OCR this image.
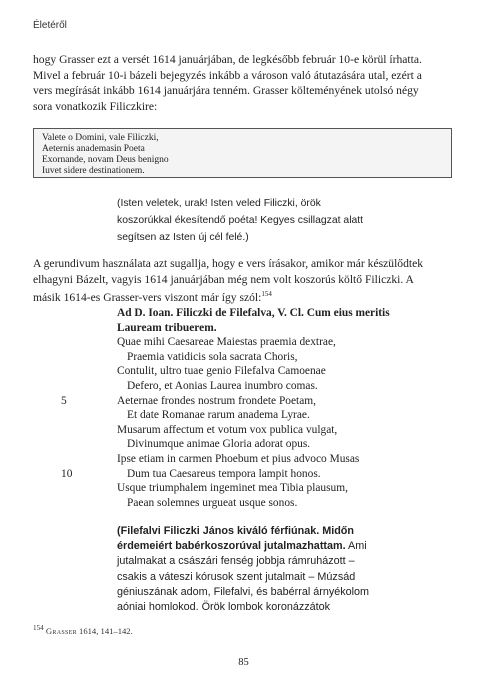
Életéről
hogy Grasser ezt a versét 1614 januárjában, de legkésőbb február 10-e körül írhatta.
Mivel a február 10-i bázeli bejegyzés inkább a városon való átutazására utal, ezért a
vers megírását inkább 1614 januárjára tenném. Grasser költeményének utolsó négy
sora vonatkozik Filiczkire:
Valete o Domini, vale Filiczki,
Aeternis anademasin Poeta
Exornande, novam Deus benigno
Iuvet sidere destinationem.
(Isten veletek, urak! Isten veled Filiczki, örök
koszorúkkal ékesítendő poéta! Kegyes csillagzat alatt
segítsen az Isten új cél felé.)
A gerundivum használata azt sugallja, hogy e vers írásakor, amikor már készülődtek
elhagyni Bázelt, vagyis 1614 januárjában még nem volt koszorús költő Filiczki. A
másik 1614-es Grasser-vers viszont már így szól:$^{154}$
Ad D. Ioan. Filiczki de Filefalva, V. Cl. Cum eius meritis
Lauream tribuerem.
Quae mihi Caesareae Maiestas praemia dextrae,
Praemia vatidicis sola sacrata Choris,
Contulit, ultro tuae genio Filefalva Camoenae
Defero, et Aonias Laurea inumbro comas.
5	Aeternae frondes nostrum frondete Poetam,
Et date Romanae rarum anadema Lyrae.
Musarum affectum et votum vox publica vulgat,
Divinumque animae Gloria adorat opus.
Ipse etiam in carmen Phoebum et pius advoco Musas
10	Dum tua Caesareus tempora lampit honos.
Usque triumphalem ingeminet mea Tibia plausum,
Paean solemnes urgueat usque sonos.
(Filefalvi Filiczki János kiváló férfiúnak. Midőn
érdemeiért babérkoszorúval jutalmazhattam. Ami
jutalmakat a császári fenség jobbja rámruházott –
csakis a váteszi kórusok szent jutalmait – Múzsád
géniuszának adom, Filefalvi, és babérral árnyékolom
aóniai homlokod. Örök lombok koronázzátok
$^{154}$ Grasser 1614, 141–142.
85
